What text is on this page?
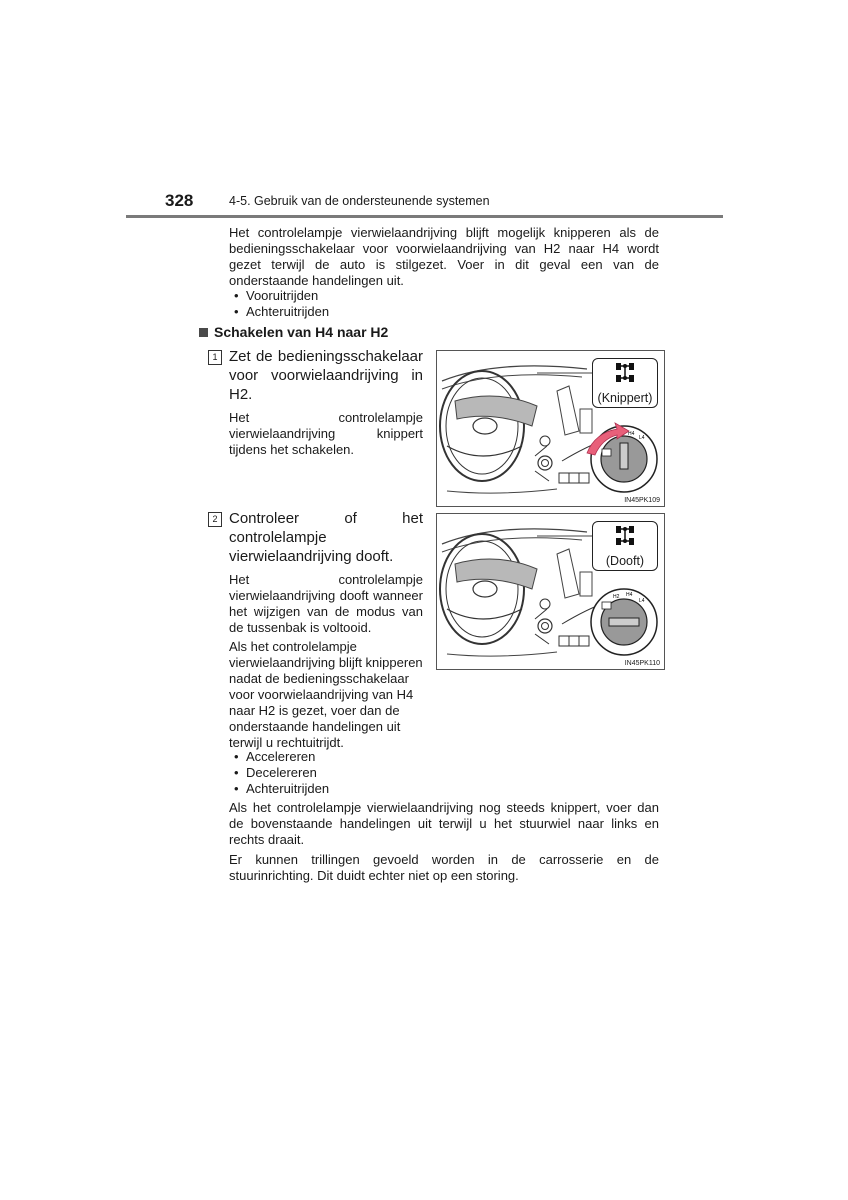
328	4-5. Gebruik van de ondersteunende systemen
Het controlelampje vierwielaandrijving blijft mogelijk knipperen als de bedieningsschakelaar voor voorwielaandrijving van H2 naar H4 wordt gezet terwijl de auto is stilgezet. Voer in dit geval een van de onderstaande handelingen uit.
• Vooruitrijden
• Achteruitrijden
Schakelen van H4 naar H2
1 Zet de bedieningsschakelaar voor voorwielaandrijving in H2.
Het controlelampje vierwielaandrijving knippert tijdens het schakelen.
H4
L4
(Knippert)
IN45PK109
2 Controleer of het controlelampje vierwielaandrijving dooft.
Het controlelampje vierwielaandrijving dooft wanneer het wijzigen van de modus van de tussenbak is voltooid.
Als het controlelampje vierwielaandrijving blijft knipperen nadat de bedieningsschakelaar voor voorwielaandrijving van H4 naar H2 is gezet, voer dan de onderstaande handelingen uit terwijl u rechtuitrijdt.
• Accelereren
• Decelereren
• Achteruitrijden
H2 H4
L4
(Dooft)
IN45PK110
Als het controlelampje vierwielaandrijving nog steeds knippert, voer dan de bovenstaande handelingen uit terwijl u het stuurwiel naar links en rechts draait.
Er kunnen trillingen gevoeld worden in de carrosserie en de stuurinrichting. Dit duidt echter niet op een storing.
